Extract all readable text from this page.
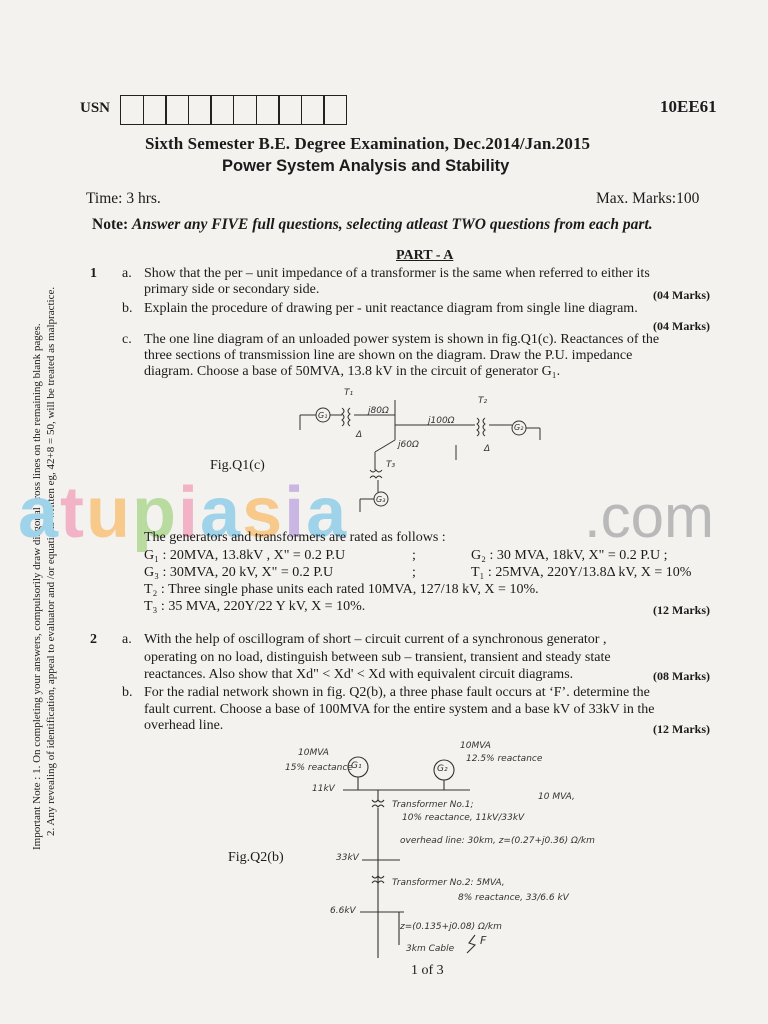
USN	10EE61
Sixth Semester B.E. Degree Examination, Dec.2014/Jan.2015
Power System Analysis and Stability
Time: 3 hrs.	Max. Marks:100
Note: Answer any FIVE full questions, selecting atleast TWO questions from each part.
Important Note : 1. On completing your answers, compulsorily draw diagonal cross lines on the remaining blank pages. 2. Any revealing of identification, appeal to evaluator and /or equations written eg, 42+8 = 50, will be treated as malpractice.
PART - A
1 a. Show that the per – unit impedance of a transformer is the same when referred to either its
primary side or secondary side.	(04 Marks)
b. Explain the procedure of drawing per - unit reactance diagram from single line diagram.
(04 Marks)
c. The one line diagram of an unloaded power system is shown in fig.Q1(c). Reactances of the
three sections of transmission line are shown on the diagram. Draw the P.U. impedance
diagram. Choose a base of 50MVA, 13.8 kV in the circuit of generator G₁.
Fig.Q1(c)
T₁
j80Ω
j100Ω
j60Ω
T₂
G₂
G₁
G₃
T₃
Δ
Δ
atupiasia	.com
The generators and transformers are rated as follows :
G₁ : 20MVA, 13.8kV , X" = 0.2 P.U	;	G₂ : 30 MVA, 18kV, X" = 0.2 P.U ;
G₃ : 30MVA, 20 kV, X" = 0.2 P.U	;	T₁ : 25MVA, 220Y/13.8Δ kV, X = 10%
T₂ : Three single phase units each rated 10MVA, 127/18 kV, X = 10%.
T₃ : 35 MVA, 220Y/22 Y kV, X = 10%.	(12 Marks)
2 a. With the help of oscillogram of short – circuit current of a synchronous generator ,
operating on no load, distinguish between sub – transient, transient and steady state
reactances. Also show that Xd" < Xd' < Xd with equivalent circuit diagrams.	(08 Marks)
b. For the radial network shown in fig. Q2(b), a three phase fault occurs at ‘F’. determine the
fault current. Choose a base of 100MVA for the entire system and a base kV of 33kV in the
overhead line.	(12 Marks)
Fig.Q2(b)
10MVA
15% reactance
G₁
10MVA
12.5% reactance
G₂
11kV
Transformer No.1;
10 MVA,
10% reactance, 11kV/33kV
overhead line: 30km, z=(0.27+j0.36) Ω/km
33kV
Transformer No.2: 5MVA,
8% reactance, 33/6.6 kV
6.6kV
z=(0.135+j0.08) Ω/km
3km Cable
F
1 of 3
